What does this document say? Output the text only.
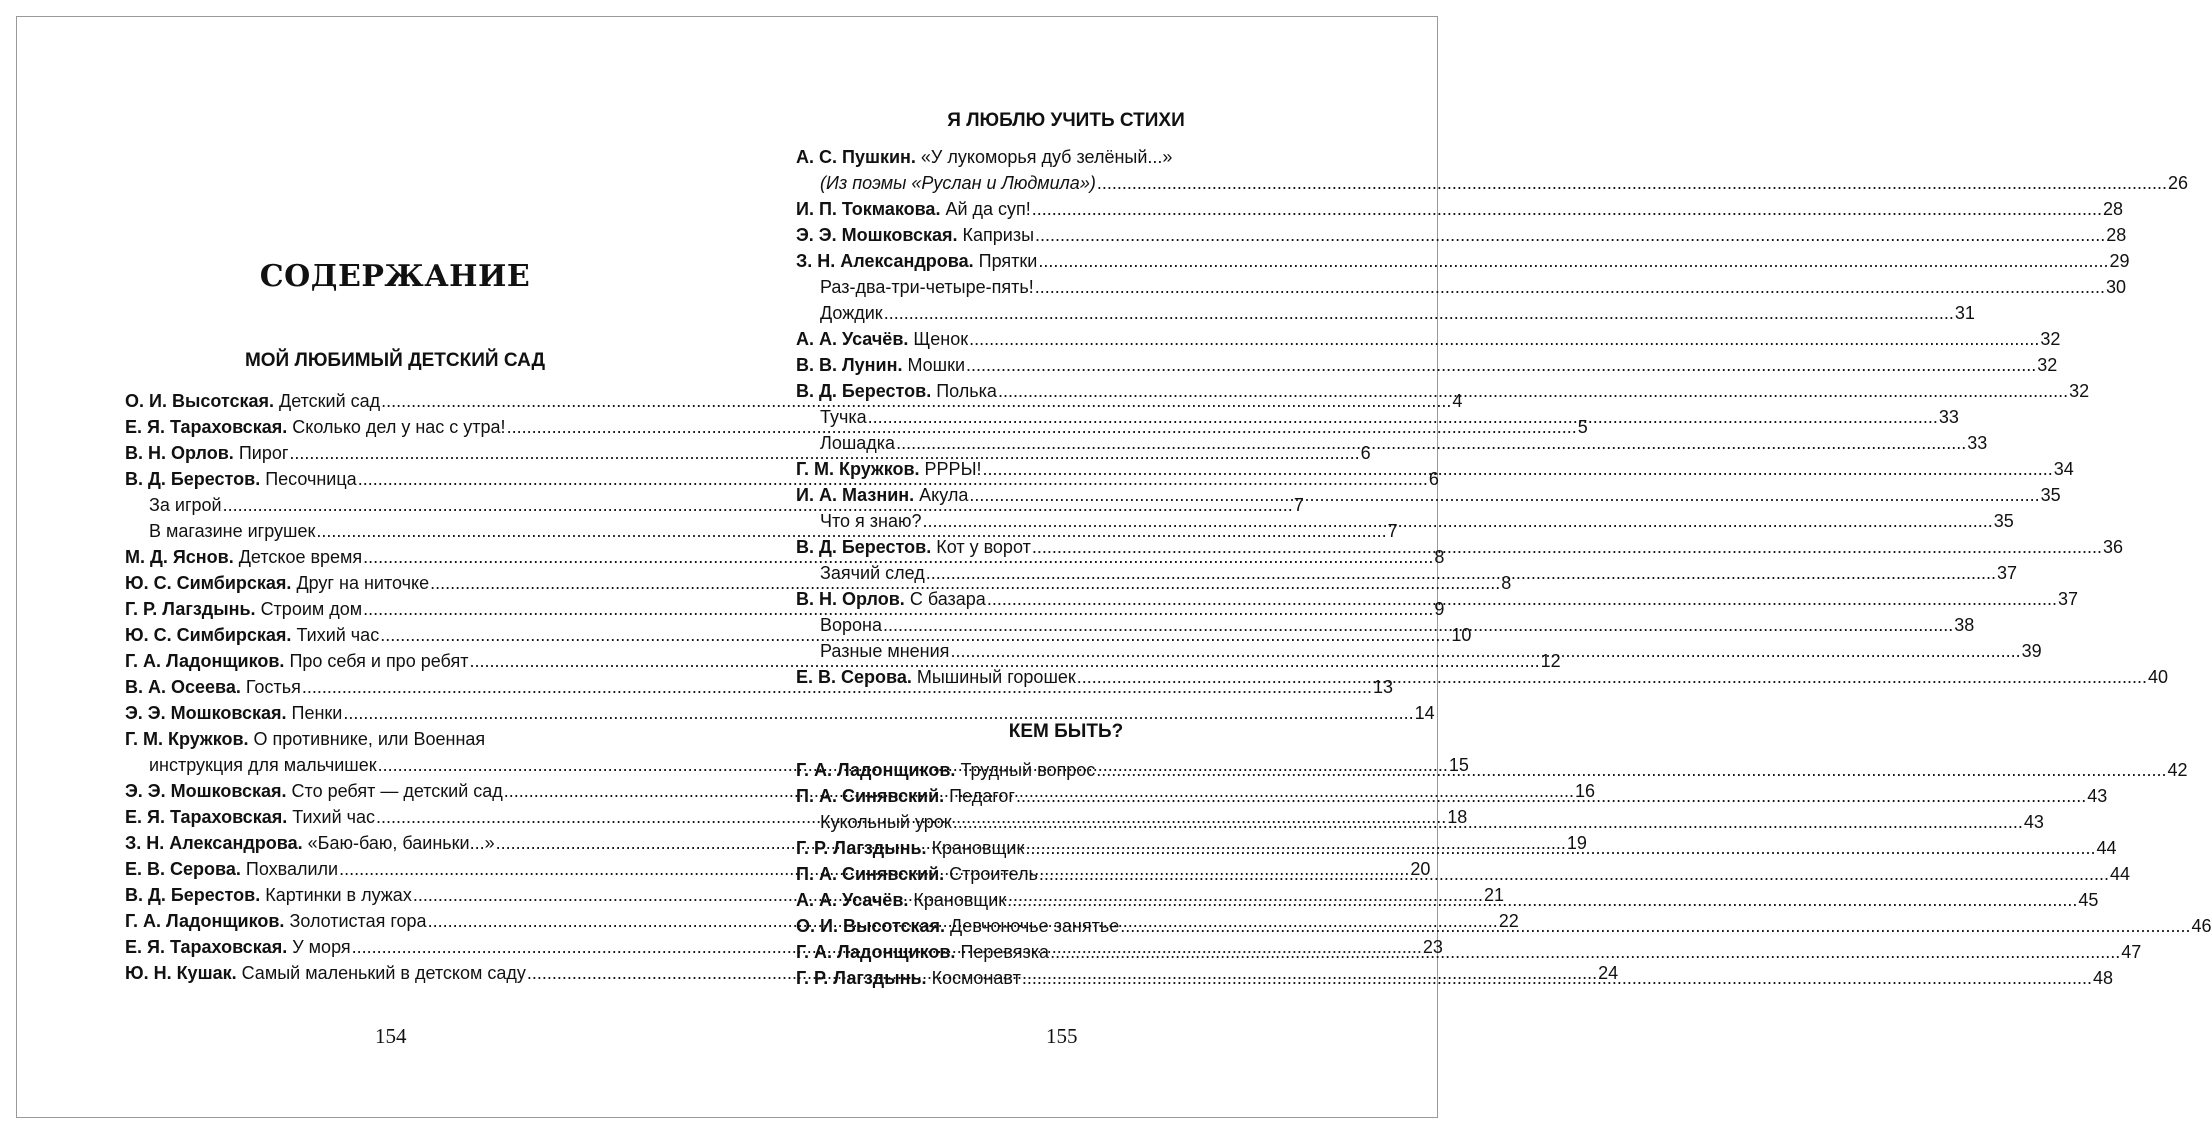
СОДЕРЖАНИЕ
МОЙ ЛЮБИМЫЙ ДЕТСКИЙ САД
О. И. Высотская. Детский сад .....	4
Е. Я. Тараховская. Сколько дел у нас с утра! .....	5
В. Н. Орлов. Пирог .....	6
В. Д. Берестов. Песочница .....	6
За игрой .....	7
В магазине игрушек .....	7
М. Д. Яснов. Детское время .....	8
Ю. С. Симбирская. Друг на ниточке .....	8
Г. Р. Лагздынь. Строим дом .....	9
Ю. С. Симбирская. Тихий час .....	10
Г. А. Ладонщиков. Про себя и про ребят .....	12
В. А. Осеева. Гостья .....	13
Э. Э. Мошковская. Пенки .....	14
Г. М. Кружков. О противнике, или Военная
инструкция для мальчишек .....	15
Э. Э. Мошковская. Сто ребят — детский сад .....	16
Е. Я. Тараховская. Тихий час .....	18
З. Н. Александрова. «Баю-баю, баиньки...» .....	19
Е. В. Серова. Похвалили .....	20
В. Д. Берестов. Картинки в лужах .....	21
Г. А. Ладонщиков. Золотистая гора .....	22
Е. Я. Тараховская. У моря .....	23
Ю. Н. Кушак. Самый маленький в детском саду .....	24
154
Я ЛЮБЛЮ УЧИТЬ СТИХИ
А. С. Пушкин. «У лукоморья дуб зелёный...»
(Из поэмы «Руслан и Людмила») .....	26
И. П. Токмакова. Ай да суп! .....	28
Э. Э. Мошковская. Капризы .....	28
З. Н. Александрова. Прятки .....	29
Раз-два-три-четыре-пять! .....	30
Дождик .....	31
А. А. Усачёв. Щенок .....	32
В. В. Лунин. Мошки .....	32
В. Д. Берестов. Полька .....	32
Тучка .....	33
Лошадка .....	33
Г. М. Кружков. РРРЫ! .....	34
И. А. Мазнин. Акула .....	35
Что я знаю? .....	35
В. Д. Берестов. Кот у ворот .....	36
Заячий след .....	37
В. Н. Орлов. С базара .....	37
Ворона .....	38
Разные мнения .....	39
Е. В. Серова. Мышиный горошек .....	40
КЕМ БЫТЬ?
Г. А. Ладонщиков. Трудный вопрос .....	42
П. А. Синявский. Педагог .....	43
Кукольный урок .....	43
Г. Р. Лагздынь. Крановщик .....	44
П. А. Синявский. Строитель .....	44
А. А. Усачёв. Крановщик .....	45
О. И. Высотская. Девчоночье занятье .....	46
Г. А. Ладонщиков. Перевязка .....	47
Г. Р. Лагздынь. Космонавт .....	48
155
